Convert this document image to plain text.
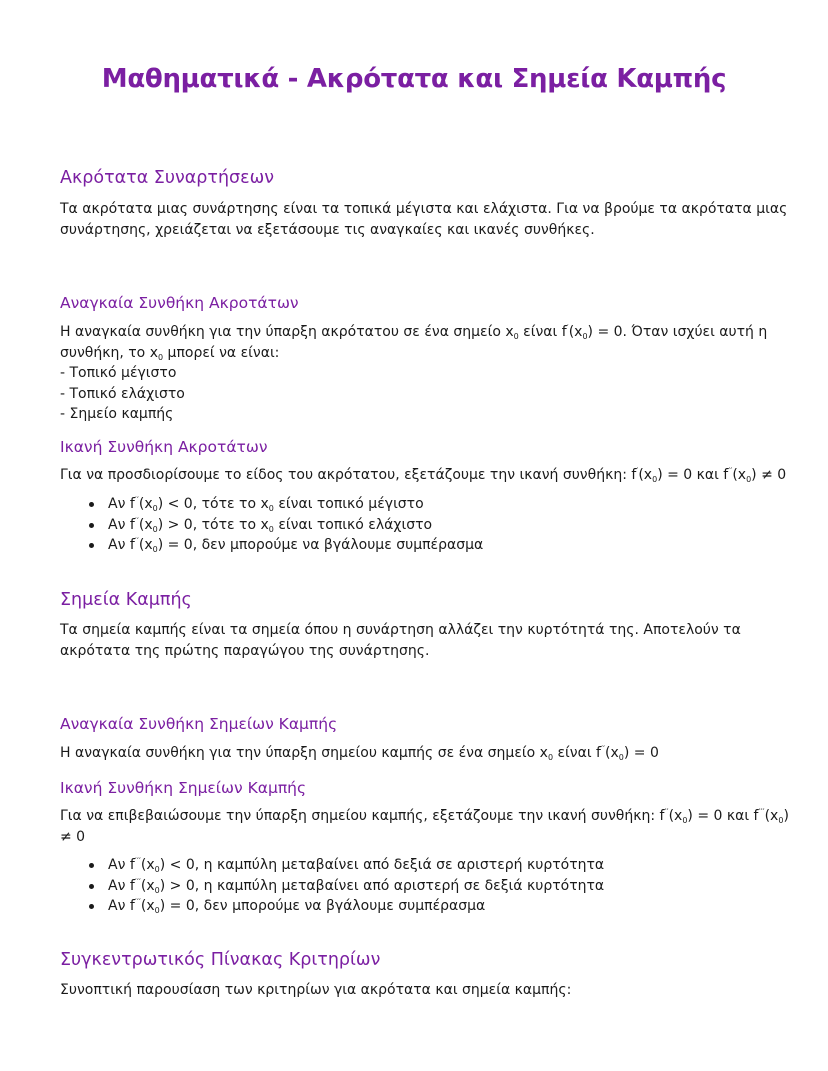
Μαθηματικά - Ακρότατα και Σημεία Καμπής
Ακρότατα Συναρτήσεων
Τα ακρότατα μιας συνάρτησης είναι τα τοπικά μέγιστα και ελάχιστα. Για να βρούμε τα ακρότατα μιας
συνάρτησης, χρειάζεται να εξετάσουμε τις αναγκαίες και ικανές συνθήκες.
Αναγκαία Συνθήκη Ακροτάτων
Η αναγκαία συνθήκη για την ύπαρξη ακρότατου σε ένα σημείο $x_0$ είναι $f'(x_0) = 0$. Όταν ισχύει αυτή η
συνθήκη, το $x_0$ μπορεί να είναι:
- Τοπικό μέγιστο
- Τοπικό ελάχιστο
- Σημείο καμπής
Ικανή Συνθήκη Ακροτάτων
Για να προσδιορίσουμε το είδος του ακρότατου, εξετάζουμε την ικανή συνθήκη: $f'(x_0) = 0$ και $f''(x_0) \ne 0$
Αν $f''(x_0) < 0$, τότε το $x_0$ είναι τοπικό μέγιστο
Αν $f''(x_0) > 0$, τότε το $x_0$ είναι τοπικό ελάχιστο
Αν $f''(x_0) = 0$, δεν μπορούμε να βγάλουμε συμπέρασμα
Σημεία Καμπής
Τα σημεία καμπής είναι τα σημεία όπου η συνάρτηση αλλάζει την κυρτότητά της. Αποτελούν τα
ακρότατα της πρώτης παραγώγου της συνάρτησης.
Αναγκαία Συνθήκη Σημείων Καμπής
Η αναγκαία συνθήκη για την ύπαρξη σημείου καμπής σε ένα σημείο $x_0$ είναι $f''(x_0) = 0$
Ικανή Συνθήκη Σημείων Καμπής
Για να επιβεβαιώσουμε την ύπαρξη σημείου καμπής, εξετάζουμε την ικανή συνθήκη: $f''(x_0) = 0$ και $f'''(x_0)$
≠ 0
Αν $f'''(x_0) < 0$, η καμπύλη μεταβαίνει από δεξιά σε αριστερή κυρτότητα
Αν $f'''(x_0) > 0$, η καμπύλη μεταβαίνει από αριστερή σε δεξιά κυρτότητα
Αν $f'''(x_0) = 0$, δεν μπορούμε να βγάλουμε συμπέρασμα
Συγκεντρωτικός Πίνακας Κριτηρίων
Συνοπτική παρουσίαση των κριτηρίων για ακρότατα και σημεία καμπής:
